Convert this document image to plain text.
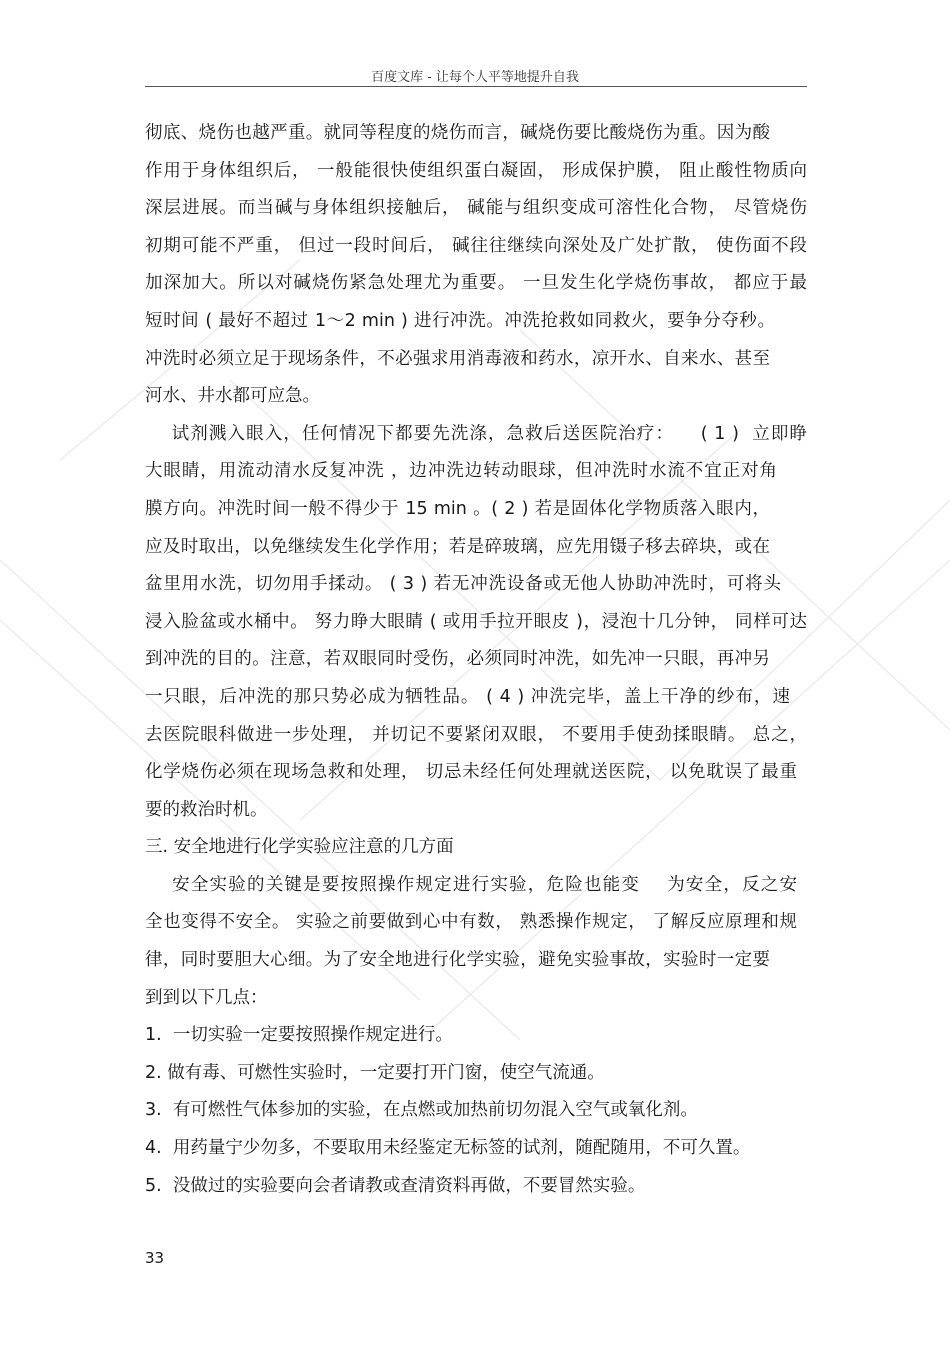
百度文库 - 让每个人平等地提升自我
彻底、烧伤也越严重。就同等程度的烧伤而言，碱烧伤要比酸烧伤为重。因为酸
作用于身体组织后， 一般能很快使组织蛋白凝固， 形成保护膜， 阻止酸性物质向
深层进展。而当碱与身体组织接触后， 碱能与组织变成可溶性化合物， 尽管烧伤
初期可能不严重， 但过一段时间后， 碱往往继续向深处及广处扩散， 使伤面不段
加深加大。所以对碱烧伤紧急处理尤为重要。 一旦发生化学烧伤事故， 都应于最
短时间 ( 最好不超过 1～2 min ) 进行冲洗。冲洗抢救如同救火，要争分夺秒。
冲洗时必须立足于现场条件，不必强求用消毒液和药水，凉开水、自来水、甚至
河水、井水都可应急。
试剂溅入眼入，任何情况下都要先洗涤，急救后送医院治疗：    ( 1 )  立即睁
大眼睛，用流动清水反复冲洗 ，边冲洗边转动眼球，但冲洗时水流不宜正对角
膜方向。冲洗时间一般不得少于 15 min 。( 2 ) 若是固体化学物质落入眼内，
应及时取出，以免继续发生化学作用；若是碎玻璃，应先用镊子移去碎块，或在
盆里用水洗，切勿用手揉动。 ( 3 ) 若无冲洗设备或无他人协助冲洗时，可将头
浸入脸盆或水桶中。 努力睁大眼睛 ( 或用手拉开眼皮 )，浸泡十几分钟， 同样可达
到冲洗的目的。注意，若双眼同时受伤，必须同时冲洗，如先冲一只眼，再冲另
一只眼，后冲洗的那只势必成为牺牲品。 ( 4 ) 冲洗完毕，盖上干净的纱布，速
去医院眼科做进一步处理， 并切记不要紧闭双眼， 不要用手使劲揉眼睛。 总之，
化学烧伤必须在现场急救和处理， 切忌未经任何处理就送医院， 以免耽误了最重
要的救治时机。
三. 安全地进行化学实验应注意的几方面
安全实验的关键是要按照操作规定进行实验，危险也能变    为安全，反之安
全也变得不安全。 实验之前要做到心中有数， 熟悉操作规定， 了解反应原理和规
律，同时要胆大心细。为了安全地进行化学实验，避免实验事故，实验时一定要
到到以下几点：
1.  一切实验一定要按照操作规定进行。
2. 做有毒、可燃性实验时，一定要打开门窗，使空气流通。
3.  有可燃性气体参加的实验，在点燃或加热前切勿混入空气或氧化剂。
4.  用药量宁少勿多，不要取用未经鉴定无标签的试剂，随配随用，不可久置。
5.  没做过的实验要向会者请教或查清资料再做，不要冒然实验。
33
